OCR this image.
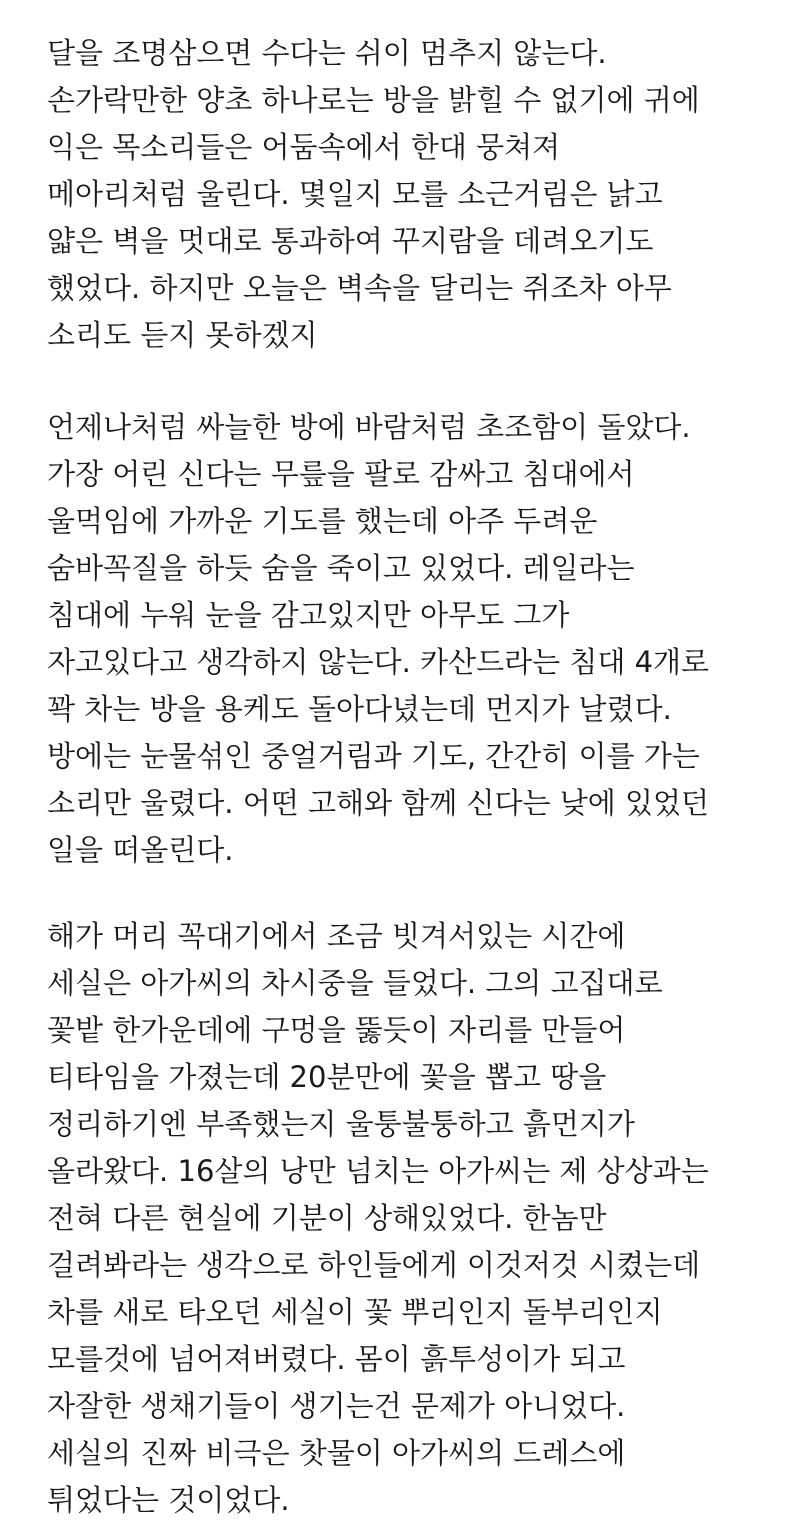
달을 조명삼으면 수다는 쉬이 멈추지 않는다.
손가락만한 양초 하나로는 방을 밝힐 수 없기에 귀에
익은 목소리들은 어둠속에서 한대 뭉쳐져
메아리처럼 울린다. 몇일지 모를 소근거림은 낡고
얇은 벽을 멋대로 통과하여 꾸지람을 데려오기도
했었다. 하지만 오늘은 벽속을 달리는 쥐조차 아무
소리도 듣지 못하겠지
언제나처럼 싸늘한 방에 바람처럼 초조함이 돌았다.
가장 어린 신다는 무릎을 팔로 감싸고 침대에서
울먹임에 가까운 기도를 했는데 아주 두려운
숨바꼭질을 하듯 숨을 죽이고 있었다. 레일라는
침대에 누워 눈을 감고있지만 아무도 그가
자고있다고 생각하지 않는다. 카산드라는 침대 4개로
꽉 차는 방을 용케도 돌아다녔는데 먼지가 날렸다.
방에는 눈물섞인 중얼거림과 기도, 간간히 이를 가는
소리만 울렸다. 어떤 고해와 함께 신다는 낮에 있었던
일을 떠올린다.
해가 머리 꼭대기에서 조금 빗겨서있는 시간에
세실은 아가씨의 차시중을 들었다. 그의 고집대로
꽃밭 한가운데에 구멍을 뚫듯이 자리를 만들어
티타임을 가졌는데 20분만에 꽃을 뽑고 땅을
정리하기엔 부족했는지 울퉁불퉁하고 흙먼지가
올라왔다. 16살의 낭만 넘치는 아가씨는 제 상상과는
전혀 다른 현실에 기분이 상해있었다. 한놈만
걸려봐라는 생각으로 하인들에게 이것저것 시켰는데
차를 새로 타오던 세실이 꽃 뿌리인지 돌부리인지
모를것에 넘어져버렸다. 몸이 흙투성이가 되고
자잘한 생채기들이 생기는건 문제가 아니었다.
세실의 진짜 비극은 찻물이 아가씨의 드레스에
튀었다는 것이었다.
